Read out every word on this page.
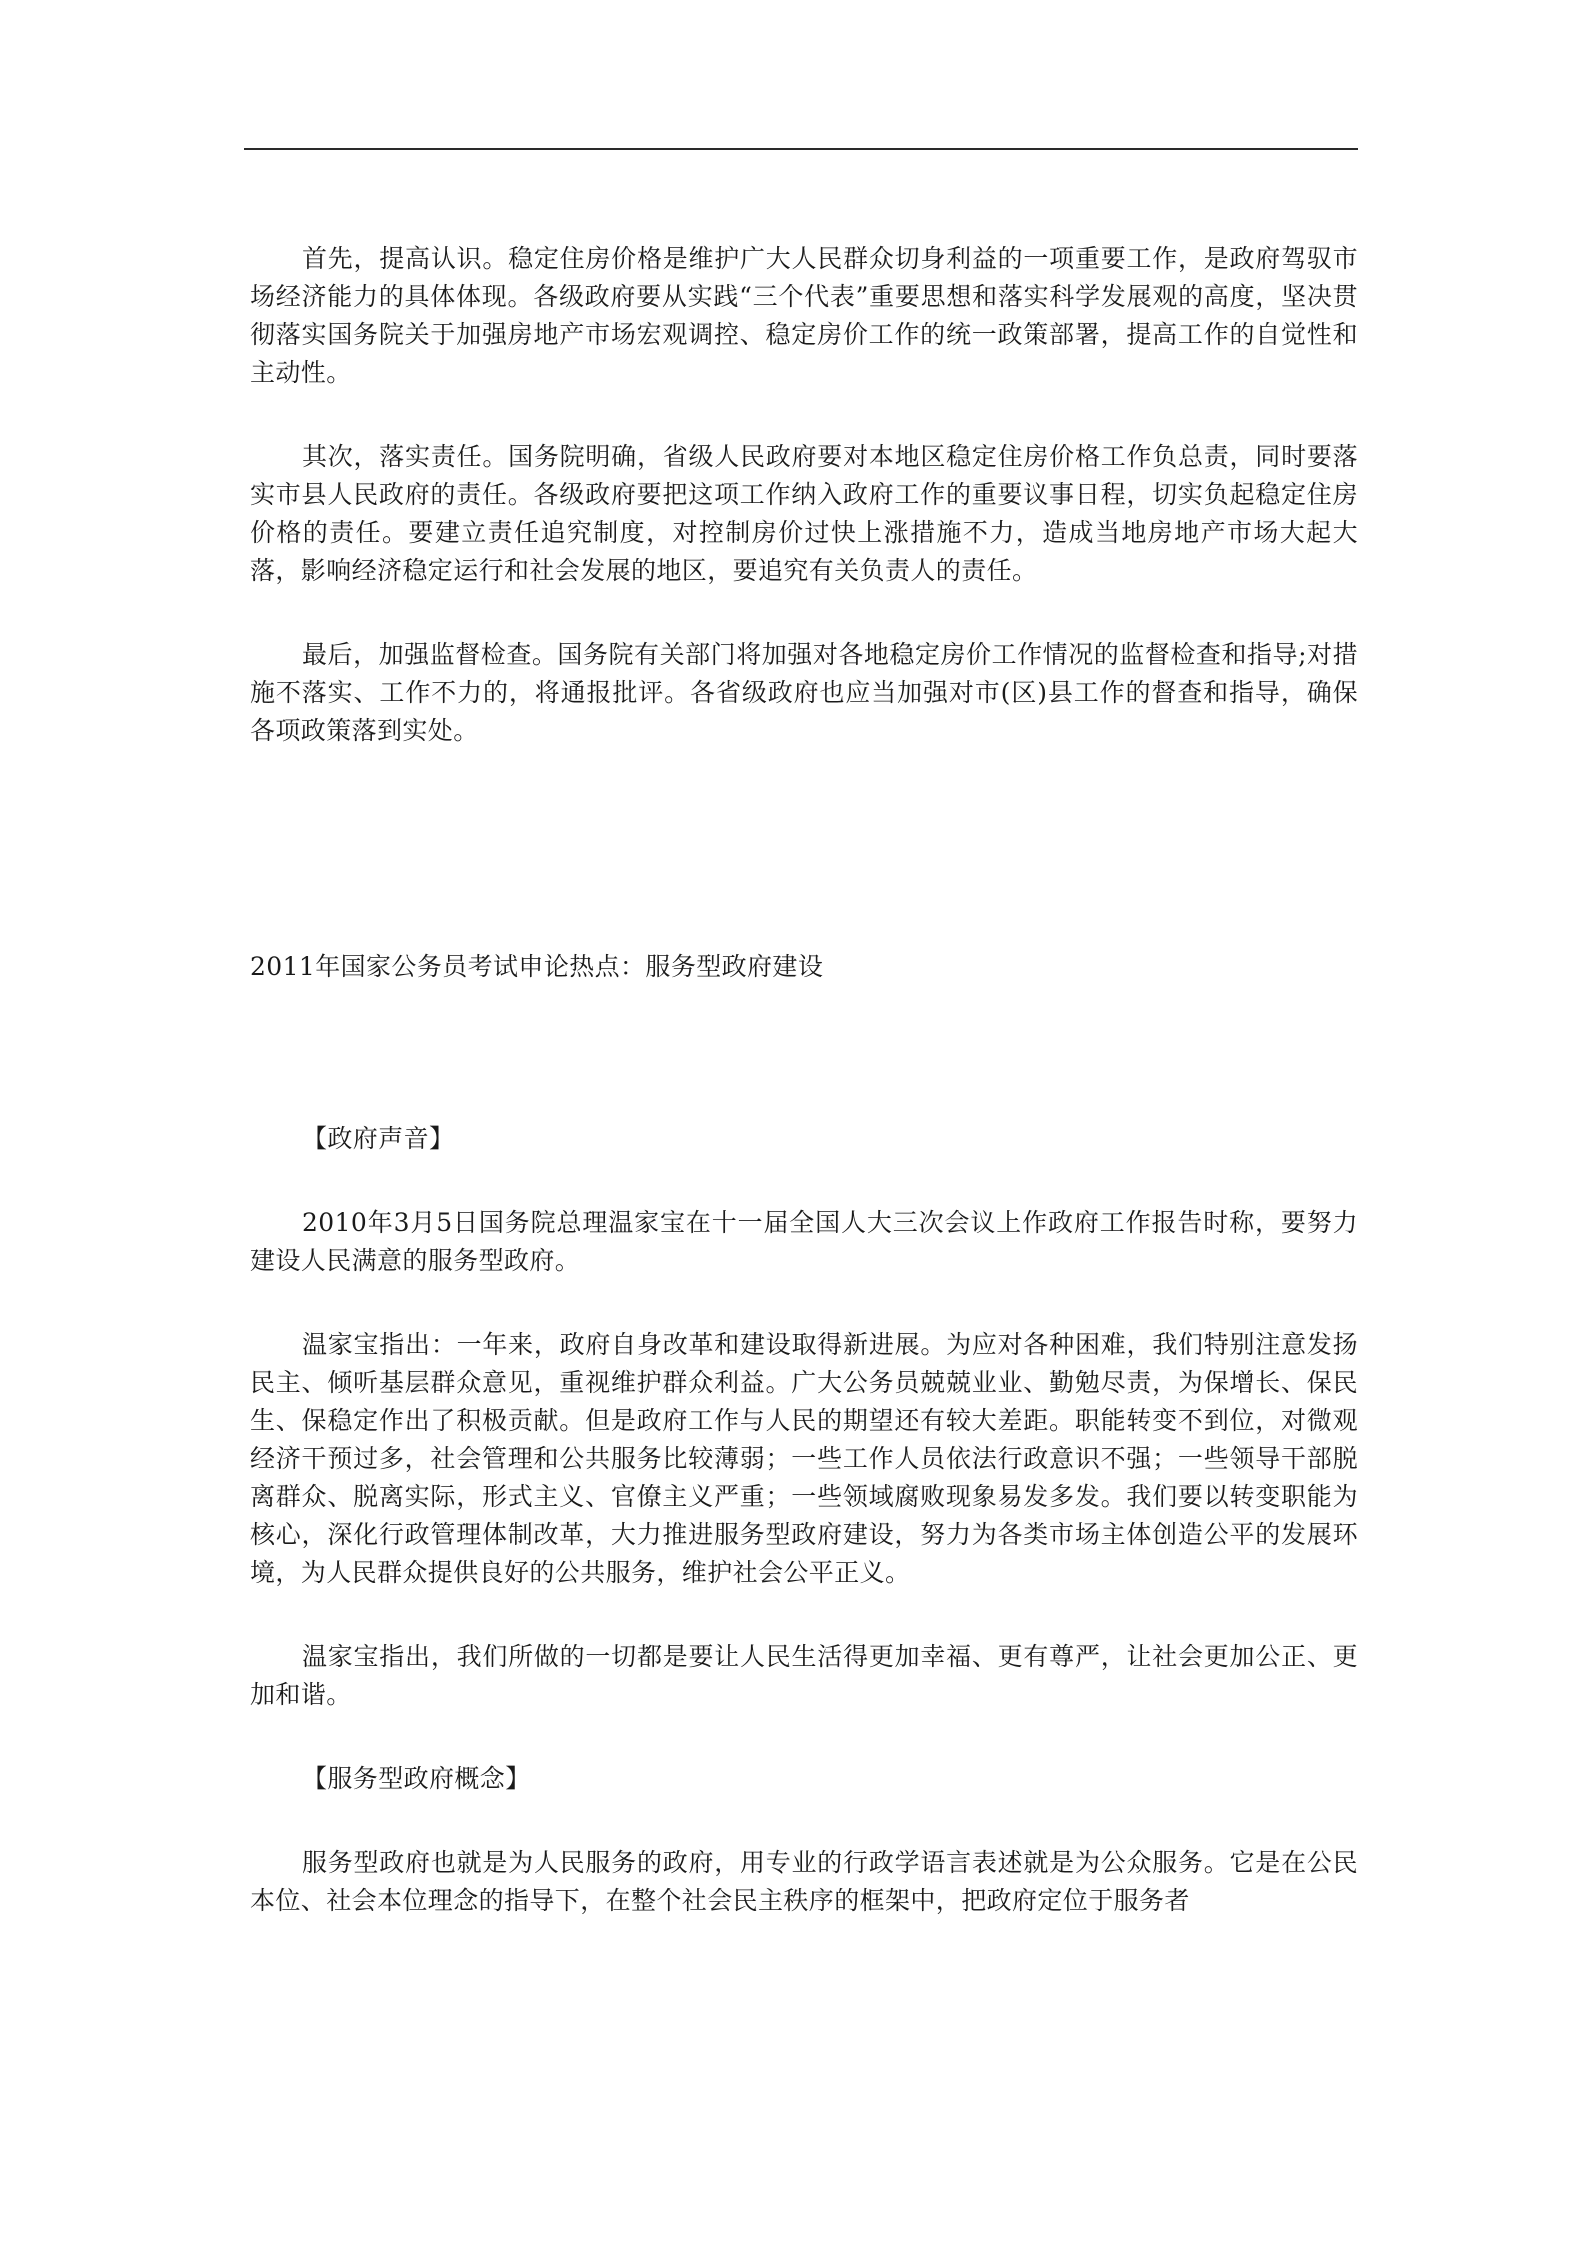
首先，提高认识。稳定住房价格是维护广大人民群众切身利益的一项重要工作，是政府驾驭市场经济能力的具体体现。各级政府要从实践“三个代表”重要思想和落实科学发展观的高度，坚决贯彻落实国务院关于加强房地产市场宏观调控、稳定房价工作的统一政策部署，提高工作的自觉性和主动性。

其次，落实责任。国务院明确，省级人民政府要对本地区稳定住房价格工作负总责，同时要落实市县人民政府的责任。各级政府要把这项工作纳入政府工作的重要议事日程，切实负起稳定住房价格的责任。要建立责任追究制度，对控制房价过快上涨措施不力，造成当地房地产市场大起大落，影响经济稳定运行和社会发展的地区，要追究有关负责人的责任。

最后，加强监督检查。国务院有关部门将加强对各地稳定房价工作情况的监督检查和指导;对措施不落实、工作不力的，将通报批评。各省级政府也应当加强对市(区)县工作的督查和指导，确保各项政策落到实处。

2011年国家公务员考试申论热点：服务型政府建设

【政府声音】

2010年3月5日国务院总理温家宝在十一届全国人大三次会议上作政府工作报告时称，要努力建设人民满意的服务型政府。

温家宝指出：一年来，政府自身改革和建设取得新进展。为应对各种困难，我们特别注意发扬民主、倾听基层群众意见，重视维护群众利益。广大公务员兢兢业业、勤勉尽责，为保增长、保民生、保稳定作出了积极贡献。但是政府工作与人民的期望还有较大差距。职能转变不到位，对微观经济干预过多，社会管理和公共服务比较薄弱；一些工作人员依法行政意识不强；一些领导干部脱离群众、脱离实际，形式主义、官僚主义严重；一些领域腐败现象易发多发。我们要以转变职能为核心，深化行政管理体制改革，大力推进服务型政府建设，努力为各类市场主体创造公平的发展环境，为人民群众提供良好的公共服务，维护社会公平正义。

温家宝指出，我们所做的一切都是要让人民生活得更加幸福、更有尊严，让社会更加公正、更加和谐。

【服务型政府概念】

服务型政府也就是为人民服务的政府，用专业的行政学语言表述就是为公众服务。它是在公民本位、社会本位理念的指导下，在整个社会民主秩序的框架中，把政府定位于服务者
